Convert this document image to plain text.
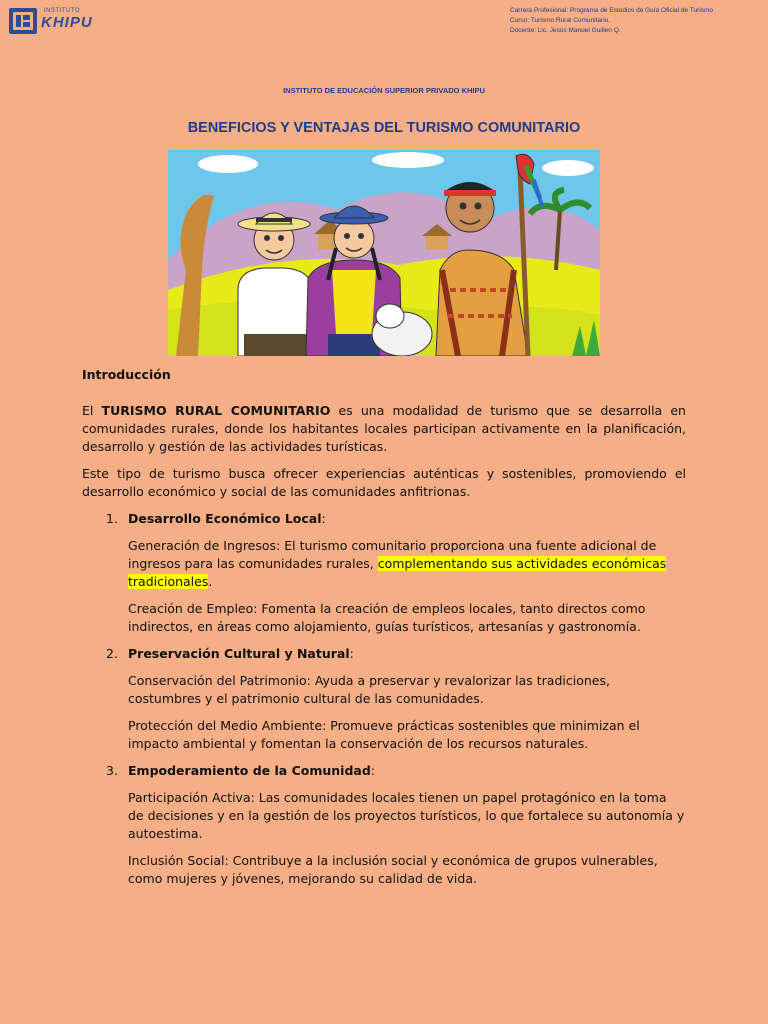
INSTITUTO
KHIPU
Carrera Profesional: Programa de Estudios de Guía Oficial de Turismo
Curso: Turismo Rural Comunitario.
Docente: Lic. Jesús Manuel Guillen Q.
INSTITUTO DE EDUCACIÓN SUPERIOR PRIVADO KHIPU
BENEFICIOS Y VENTAJAS DEL TURISMO COMUNITARIO

Introducción

El TURISMO RURAL COMUNITARIO es una modalidad de turismo que se desarrolla en comunidades rurales, donde los habitantes locales participan activamente en la planificación, desarrollo y gestión de las actividades turísticas.

Este tipo de turismo busca ofrecer experiencias auténticas y sostenibles, promoviendo el desarrollo económico y social de las comunidades anfitrionas.

1. Desarrollo Económico Local:

Generación de Ingresos: El turismo comunitario proporciona una fuente adicional de ingresos para las comunidades rurales, complementando sus actividades económicas tradicionales.

Creación de Empleo: Fomenta la creación de empleos locales, tanto directos como indirectos, en áreas como alojamiento, guías turísticos, artesanías y gastronomía.

2. Preservación Cultural y Natural:

Conservación del Patrimonio: Ayuda a preservar y revalorizar las tradiciones, costumbres y el patrimonio cultural de las comunidades.

Protección del Medio Ambiente: Promueve prácticas sostenibles que minimizan el impacto ambiental y fomentan la conservación de los recursos naturales.

3. Empoderamiento de la Comunidad:

Participación Activa: Las comunidades locales tienen un papel protagónico en la toma de decisiones y en la gestión de los proyectos turísticos, lo que fortalece su autonomía y autoestima.

Inclusión Social: Contribuye a la inclusión social y económica de grupos vulnerables, como mujeres y jóvenes, mejorando su calidad de vida.
